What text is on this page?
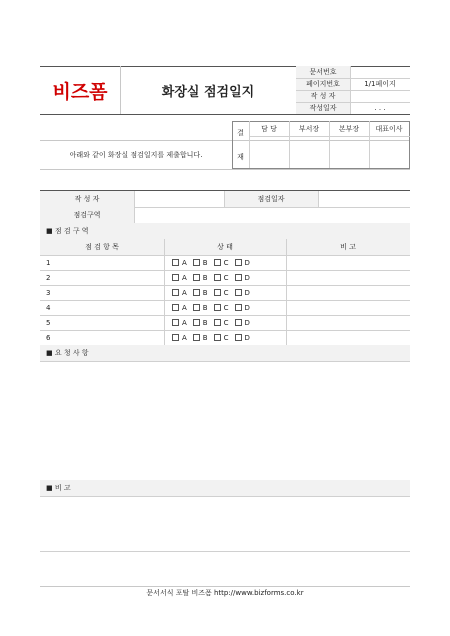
비즈폼	화장실 점검일지
문서번호
페이지번호	1/1페이지
작 성 자
작성일자	. . .
아래와 같이 화장실 점검일지를 제출합니다.
결
재
담 당	부서장	본부장	대표이사
작 성 자	점검일자
점검구역
■ 점 검 구 역
점 검 항 목	상 태	비 고
1	A B C D
2	A B C D
3	A B C D
4	A B C D
5	A B C D
6	A B C D
■ 요 청 사 항
■ 비 고
문서서식 포탈 비즈폼 http://www.bizforms.co.kr
